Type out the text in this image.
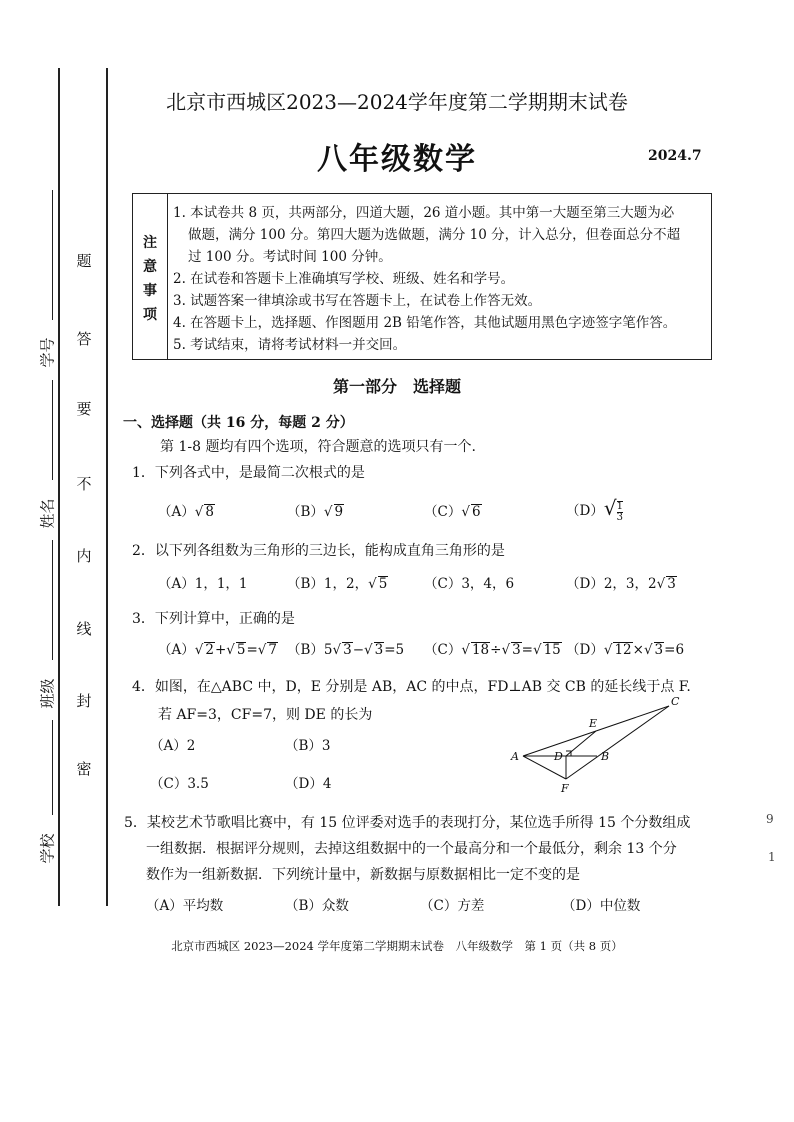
学号
姓名
班级
学校
题
答
要
不
内
线
封
密
北京市西城区2023—2024学年度第二学期期末试卷
八年级数学	2024.7
注
意
事
项
1. 本试卷共 8 页，共两部分，四道大题，26 道小题。其中第一大题至第三大题为必
做题，满分 100 分。第四大题为选做题，满分 10 分，计入总分，但卷面总分不超
过 100 分。考试时间 100 分钟。
2. 在试卷和答题卡上准确填写学校、班级、姓名和学号。
3. 试题答案一律填涂或书写在答题卡上，在试卷上作答无效。
4. 在答题卡上，选择题、作图题用 2B 铅笔作答，其他试题用黑色字迹签字笔作答。
5. 考试结束，请将考试材料一并交回。
第一部分　选择题
一、选择题（共 16 分，每题 2 分）
第 1-8 题均有四个选项，符合题意的选项只有一个.
1．下列各式中，是最简二次根式的是
（A）√ 8	（B）√ 9	（C）√ 6	$(D)√ \frac{1}{3}$
2．以下列各组数为三角形的三边长，能构成直角三角形的是
（A）1，1，1	（B）1，2，√ 5	（C）3，4，6	（D）2，3，2√ 3
3．下列计算中，正确的是
（A）√ 2+√ 5=√ 7 （B）5√ 3−√ 3=5 （C）√ 18÷√ 3=√ 15 （D）√ 12×√ 3=6
4．如图，在△ABC 中，D，E 分别是 AB，AC 的中点，FD⊥AB 交 CB 的延长线于点 F.
若 AF=3，CF=7，则 DE 的长为
（A）2	（B）3
（C）3.5	（D）4
A	B
C
D
E
F
5．某校艺术节歌唱比赛中，有 15 位评委对选手的表现打分，某位选手所得 15 个分数组成
一组数据．根据评分规则，去掉这组数据中的一个最高分和一个最低分，剩余 13 个分
数作为一组新数据．下列统计量中，新数据与原数据相比一定不变的是
（A）平均数	（B）众数	（C）方差	（D）中位数
北京市西城区 2023—2024 学年度第二学期期末试卷　八年级数学　第 1 页（共 8 页）
9
1
